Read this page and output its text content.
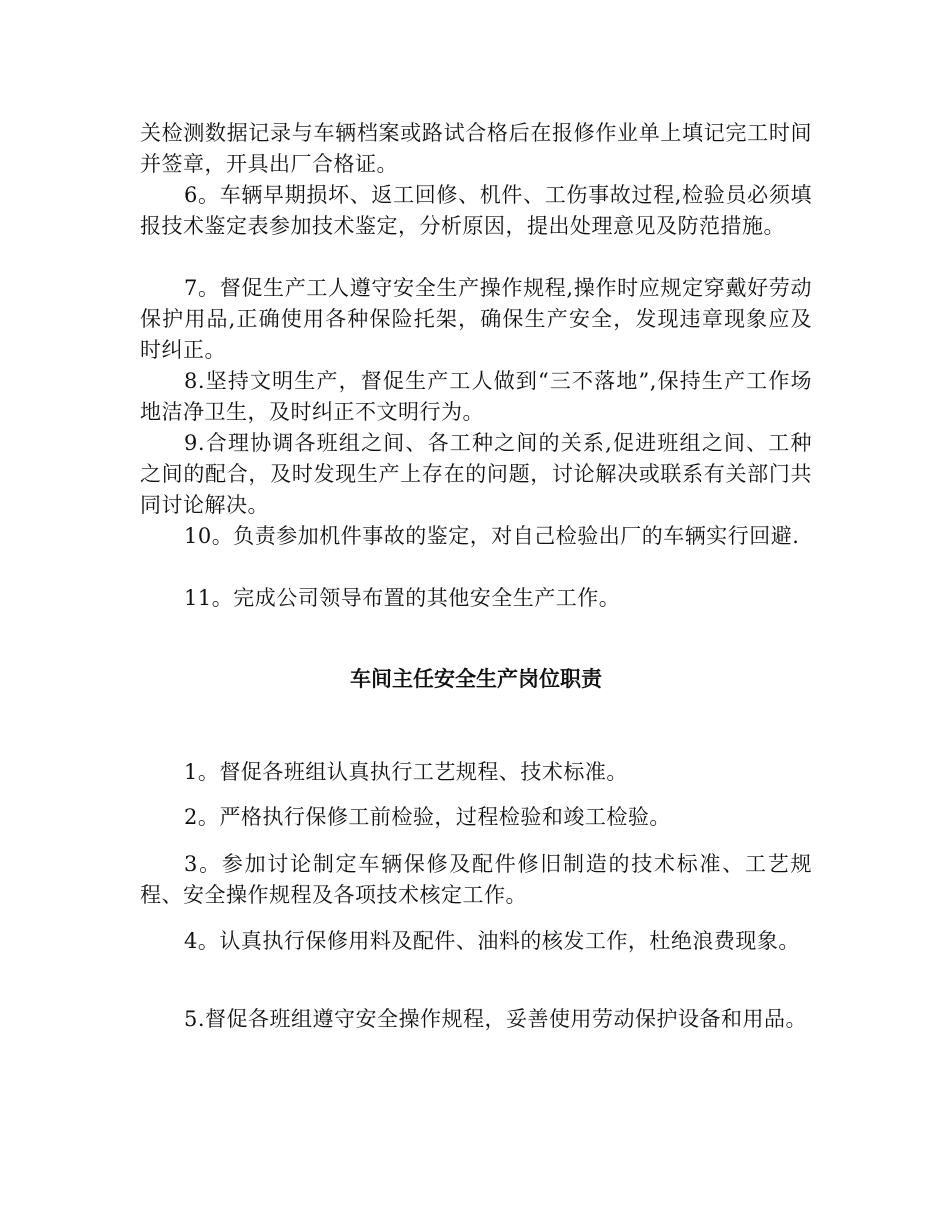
关检测数据记录与车辆档案或路试合格后在报修作业单上填记完工时间并签章，开具出厂合格证。

6。车辆早期损坏、返工回修、机件、工伤事故过程,检验员必须填报技术鉴定表参加技术鉴定，分析原因，提出处理意见及防范措施。

7。督促生产工人遵守安全生产操作规程,操作时应规定穿戴好劳动保护用品,正确使用各种保险托架，确保生产安全，发现违章现象应及时纠正。

8.坚持文明生产，督促生产工人做到“三不落地”,保持生产工作场地洁净卫生，及时纠正不文明行为。

9.合理协调各班组之间、各工种之间的关系,促进班组之间、工种之间的配合，及时发现生产上存在的问题，讨论解决或联系有关部门共同讨论解决。

10。负责参加机件事故的鉴定，对自己检验出厂的车辆实行回避.

11。完成公司领导布置的其他安全生产工作。

车间主任安全生产岗位职责

1。督促各班组认真执行工艺规程、技术标准。

2。严格执行保修工前检验，过程检验和竣工检验。

3。参加讨论制定车辆保修及配件修旧制造的技术标准、工艺规程、安全操作规程及各项技术核定工作。

4。认真执行保修用料及配件、油料的核发工作，杜绝浪费现象。

5.督促各班组遵守安全操作规程，妥善使用劳动保护设备和用品。
